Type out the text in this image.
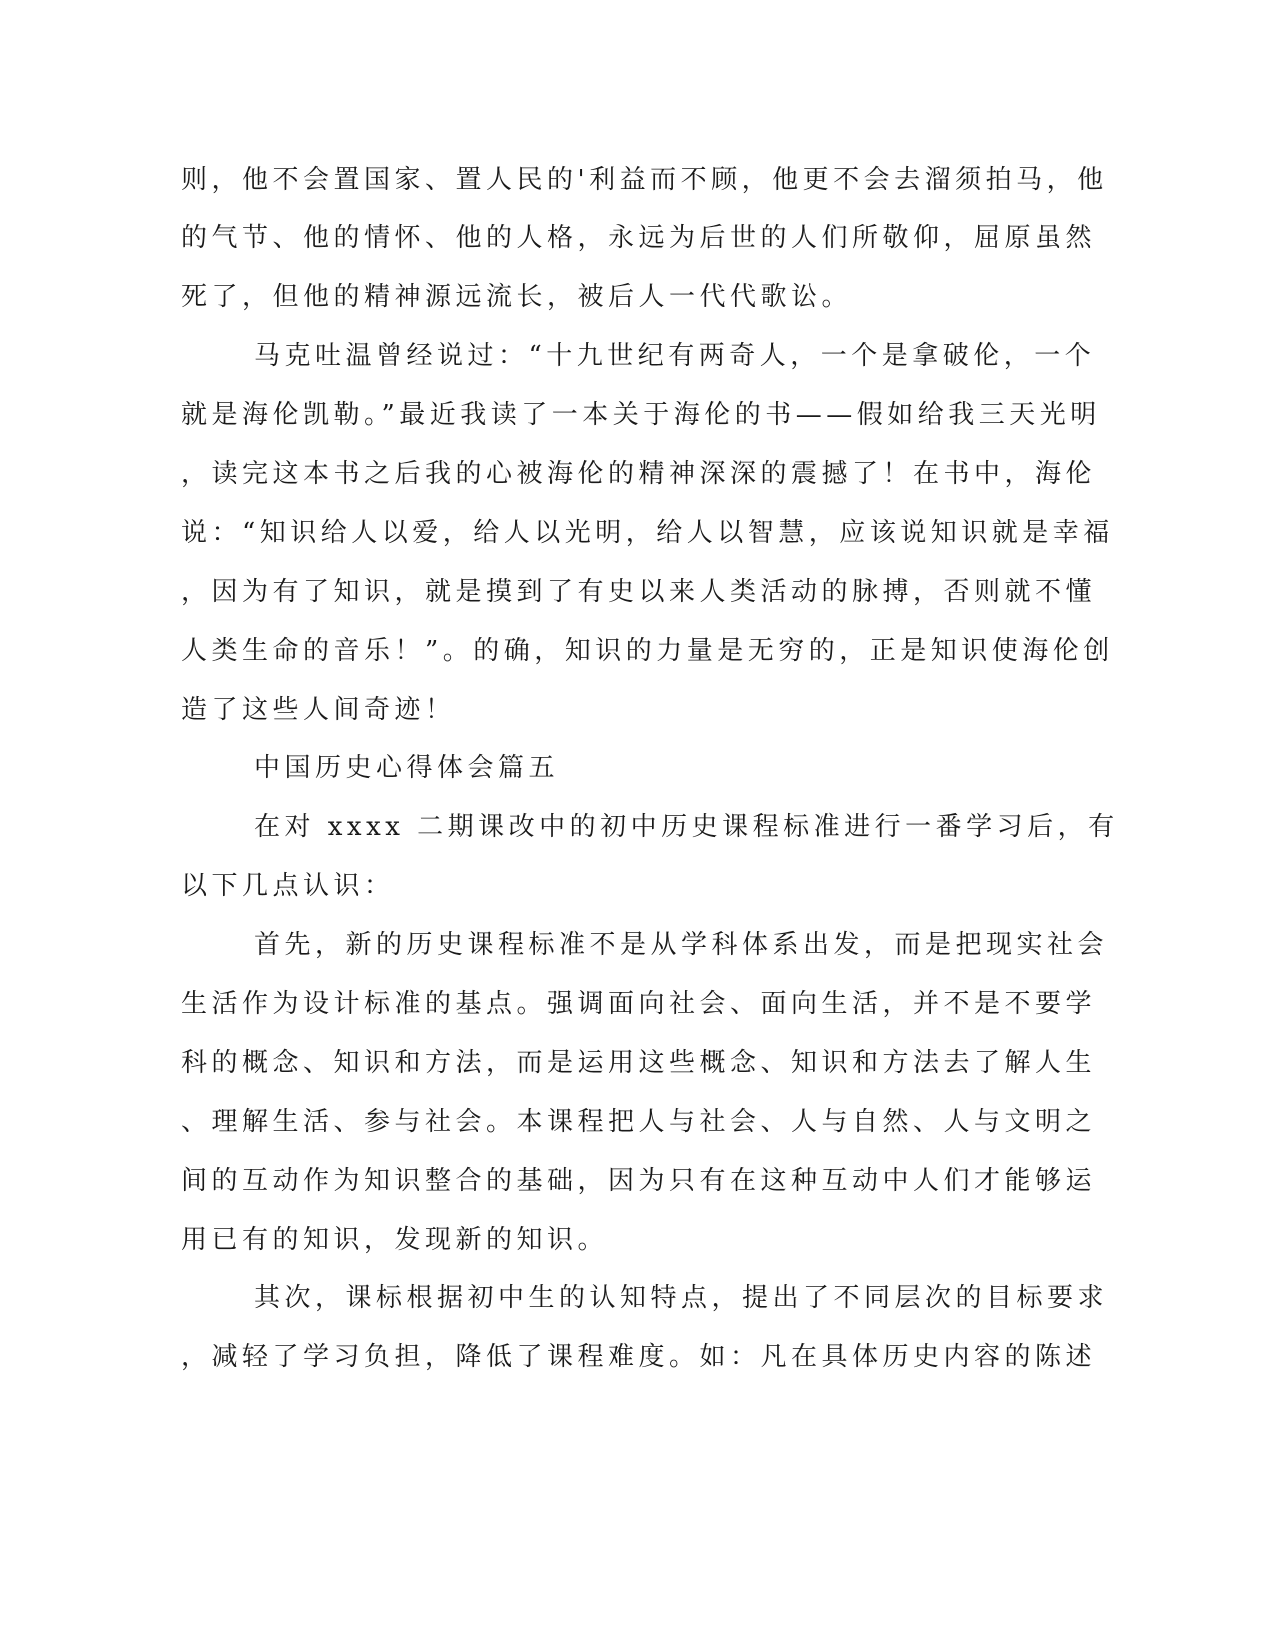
则，他不会置国家、置人民的'利益而不顾，他更不会去溜须拍马，他

的气节、他的情怀、他的人格，永远为后世的人们所敬仰，屈原虽然

死了，但他的精神源远流长，被后人一代代歌讼。

马克吐温曾经说过：“十九世纪有两奇人，一个是拿破伦，一个

就是海伦凯勒。”最近我读了一本关于海伦的书——假如给我三天光明

，读完这本书之后我的心被海伦的精神深深的震撼了！在书中，海伦

说：“知识给人以爱，给人以光明，给人以智慧，应该说知识就是幸福

，因为有了知识，就是摸到了有史以来人类活动的脉搏，否则就不懂

人类生命的音乐！”。的确，知识的力量是无穷的，正是知识使海伦创

造了这些人间奇迹！

中国历史心得体会篇五

在对 xxxx 二期课改中的初中历史课程标准进行一番学习后，有

以下几点认识：

首先，新的历史课程标准不是从学科体系出发，而是把现实社会

生活作为设计标准的基点。强调面向社会、面向生活，并不是不要学

科的概念、知识和方法，而是运用这些概念、知识和方法去了解人生

、理解生活、参与社会。本课程把人与社会、人与自然、人与文明之

间的互动作为知识整合的基础，因为只有在这种互动中人们才能够运

用已有的知识，发现新的知识。

其次，课标根据初中生的认知特点，提出了不同层次的目标要求

，减轻了学习负担，降低了课程难度。如：凡在具体历史内容的陈述
